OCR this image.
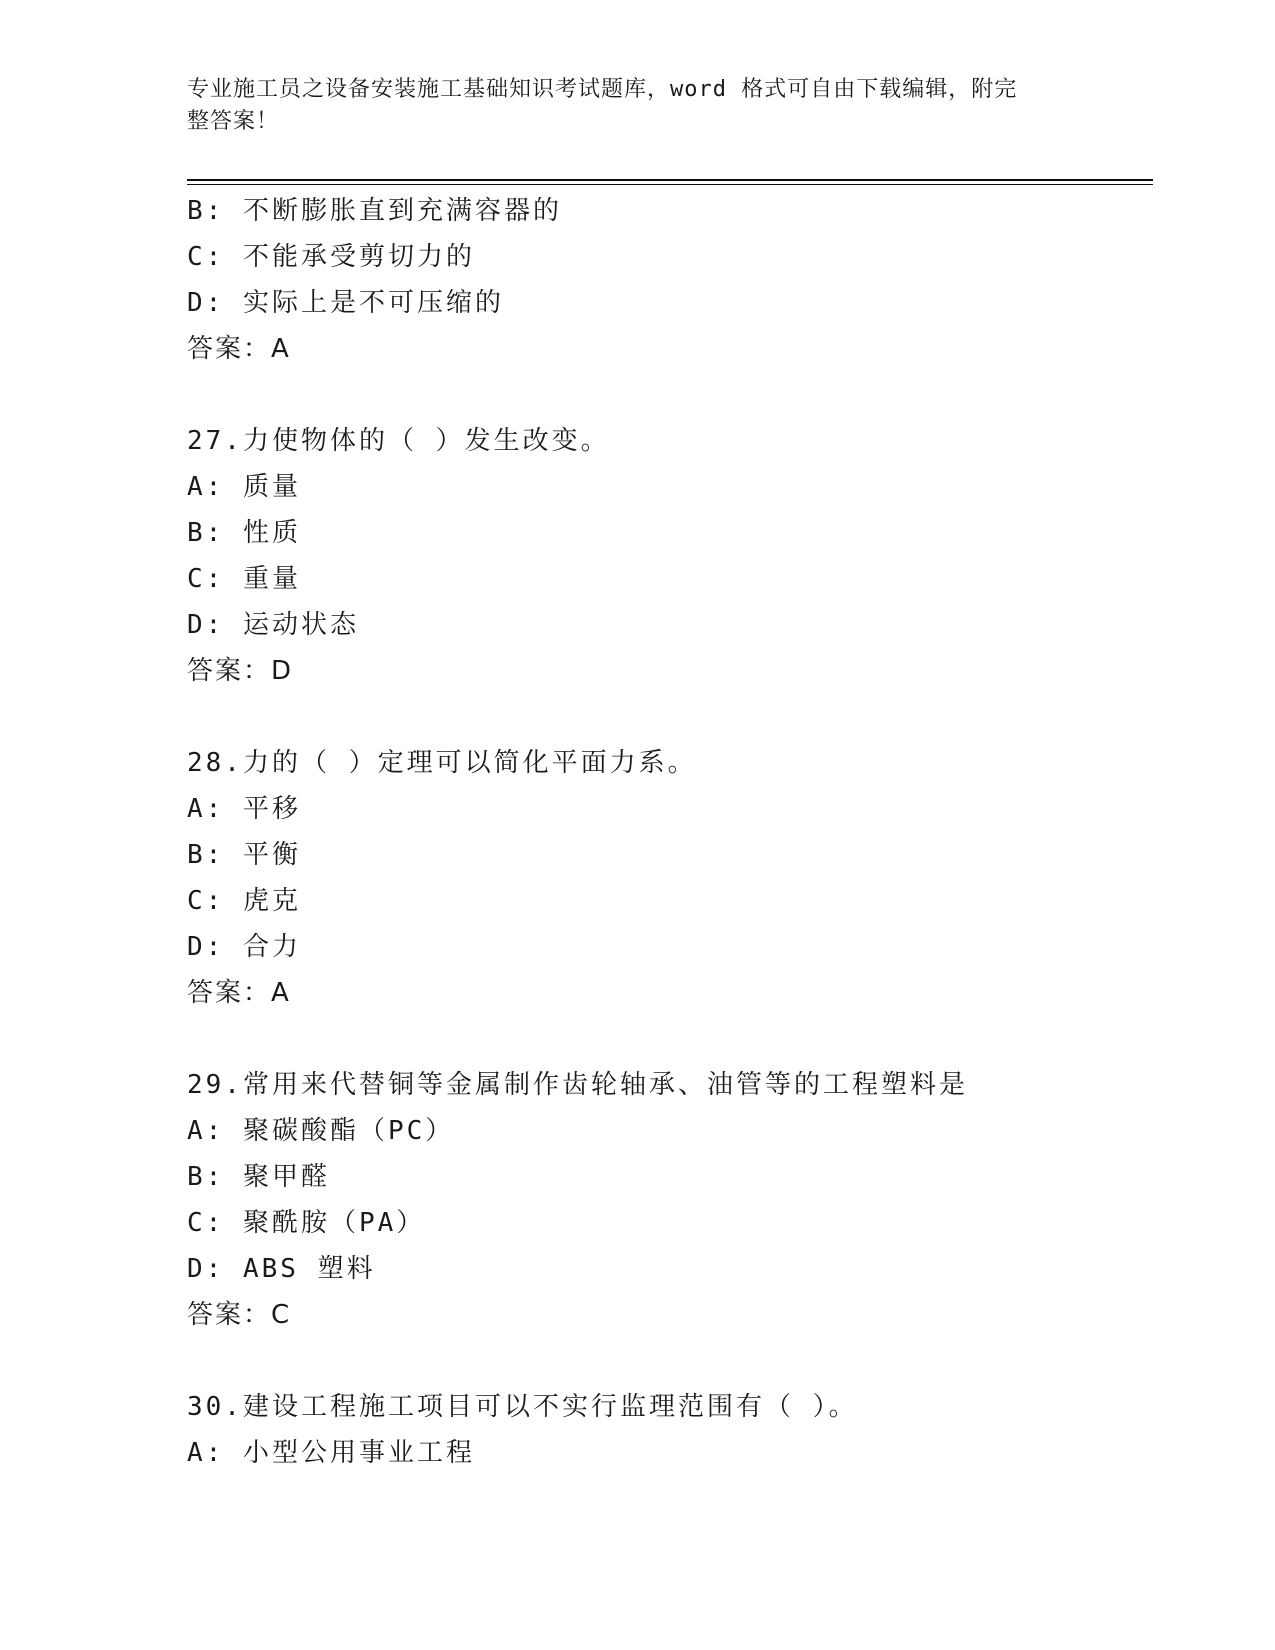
专业施工员之设备安装施工基础知识考试题库，word 格式可自由下载编辑，附完
整答案！
B: 不断膨胀直到充满容器的
C: 不能承受剪切力的
D: 实际上是不可压缩的
答案：A
27.力使物体的（ ）发生改变。
A: 质量
B: 性质
C: 重量
D: 运动状态
答案：D
28.力的（ ）定理可以简化平面力系。
A: 平移
B: 平衡
C: 虎克
D: 合力
答案：A
29.常用来代替铜等金属制作齿轮轴承、油管等的工程塑料是
A: 聚碳酸酯（PC）
B: 聚甲醛
C: 聚酰胺（PA）
D: ABS 塑料
答案：C
30.建设工程施工项目可以不实行监理范围有（ ）。
A: 小型公用事业工程
